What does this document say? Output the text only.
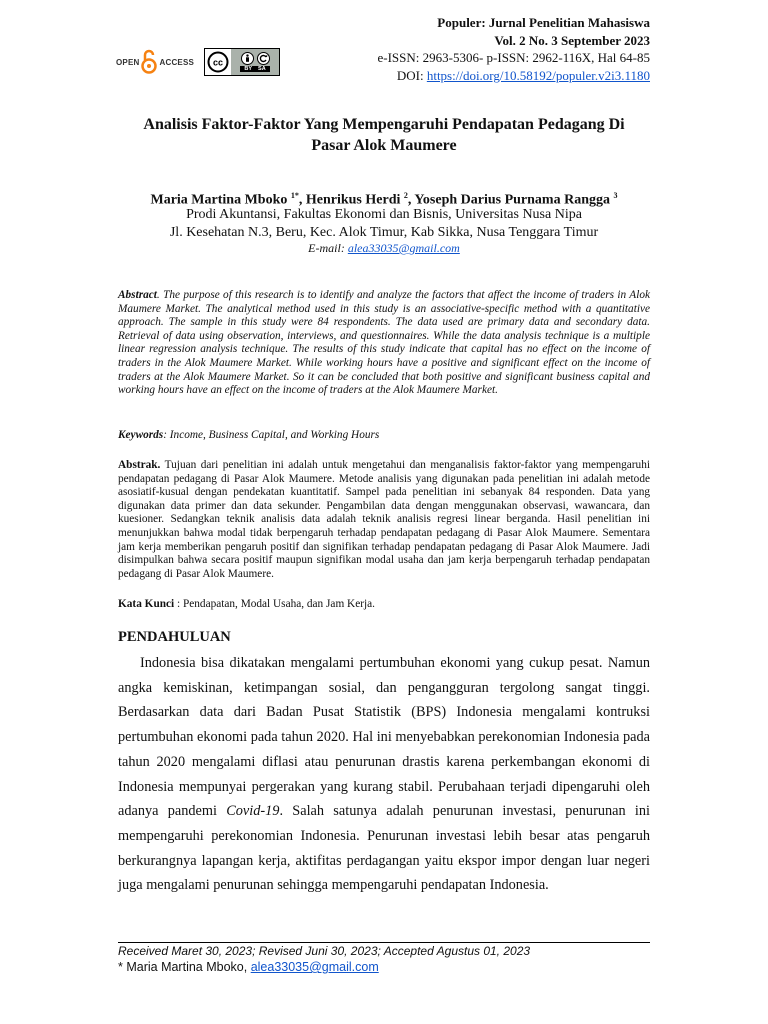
OPEN	ACCESS cc
BY SA
Populer: Jurnal Penelitian Mahasiswa
Vol. 2 No. 3 September 2023
e-ISSN: 2963-5306- p-ISSN: 2962-116X, Hal 64-85
DOI: https://doi.org/10.58192/populer.v2i3.1180
Analisis Faktor-Faktor Yang Mempengaruhi Pendapatan Pedagang Di
Pasar Alok Maumere
Maria Martina Mboko $^{1*}$, Henrikus Herdi $^2$, Yoseph Darius Purnama Rangga $^3$
Prodi Akuntansi, Fakultas Ekonomi dan Bisnis, Universitas Nusa Nipa
Jl. Kesehatan N.3, Beru, Kec. Alok Timur, Kab Sikka, Nusa Tenggara Timur
E-mail: alea33035@gmail.com
Abstract. The purpose of this research is to identify and analyze the factors that affect the income of traders in Alok Maumere Market. The analytical method used in this study is an associative-specific method with a quantitative approach. The sample in this study were 84 respondents. The data used are primary data and secondary data. Retrieval of data using observation, interviews, and questionnaires. While the data analysis technique is a multiple linear regression analysis technique. The results of this study indicate that capital has no effect on the income of traders in the Alok Maumere Market. While working hours have a positive and significant effect on the income of traders at the Alok Maumere Market. So it can be concluded that both positive and significant business capital and working hours have an effect on the income of traders at the Alok Maumere Market.
Keywords: Income, Business Capital, and Working Hours
Abstrak. Tujuan dari penelitian ini adalah untuk mengetahui dan menganalisis faktor-faktor yang mempengaruhi pendapatan pedagang di Pasar Alok Maumere. Metode analisis yang digunakan pada penelitian ini adalah metode asosiatif-kusual dengan pendekatan kuantitatif. Sampel pada penelitian ini sebanyak 84 responden. Data yang digunakan data primer dan data sekunder. Pengambilan data dengan menggunakan observasi, wawancara, dan kuesioner. Sedangkan teknik analisis data adalah teknik analisis regresi linear berganda. Hasil penelitian ini menunjukkan bahwa modal tidak berpengaruh terhadap pendapatan pedagang di Pasar Alok Maumere. Sementara jam kerja memberikan pengaruh positif dan signifikan terhadap pendapatan pedagang di Pasar Alok Maumere. Jadi disimpulkan bahwa secara positif maupun signifikan modal usaha dan jam kerja berpengaruh terhadap pendapatan pedagang di Pasar Alok Maumere.
Kata Kunci : Pendapatan, Modal Usaha, dan Jam Kerja.
PENDAHULUAN

Indonesia bisa dikatakan mengalami pertumbuhan ekonomi yang cukup pesat. Namun angka kemiskinan, ketimpangan sosial, dan pengangguran tergolong sangat tinggi. Berdasarkan data dari Badan Pusat Statistik (BPS) Indonesia mengalami kontruksi pertumbuhan ekonomi pada tahun 2020. Hal ini menyebabkan perekonomian Indonesia pada tahun 2020 mengalami diflasi atau penurunan drastis karena perkembangan ekonomi di Indonesia mempunyai pergerakan yang kurang stabil. Perubahaan terjadi dipengaruhi oleh adanya pandemi Covid-19. Salah satunya adalah penurunan investasi, penurunan ini mempengaruhi perekonomian Indonesia. Penurunan investasi lebih besar atas pengaruh berkurangnya lapangan kerja, aktifitas perdagangan yaitu ekspor impor dengan luar negeri juga mengalami penurunan sehingga mempengaruhi pendapatan Indonesia.

Received Maret 30, 2023; Revised Juni 30, 2023; Accepted Agustus 01, 2023
* Maria Martina Mboko, alea33035@gmail.com
